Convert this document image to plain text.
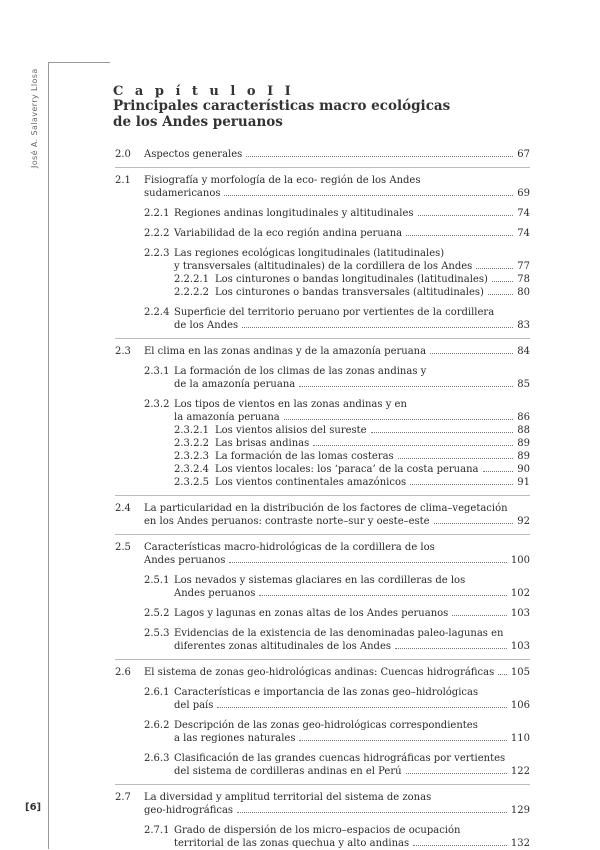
José A. Salaverry Llosa
[6]
C a p í t u l o I I
Principales características macro ecológicas
de los Andes peruanos
2.0 Aspectos generales	67
2.1 Fisiografía y morfología de la eco- región de los Andes
sudamericanos	69
2.2.1 Regiones andinas longitudinales y altitudinales	74
2.2.2 Variabilidad de la eco región andina peruana	74
2.2.3 Las regiones ecológicas longitudinales (latitudinales)
y transversales (altitudinales) de la cordillera de los Andes	77
2.2.2.1 Los cinturones o bandas longitudinales (latitudinales)	78
2.2.2.2 Los cinturones o bandas transversales (altitudinales)	80
2.2.4 Superficie del territorio peruano por vertientes de la cordillera
de los Andes	83
2.3 El clima en las zonas andinas y de la amazonía peruana	84
2.3.1 La formación de los climas de las zonas andinas y
de la amazonía peruana	85
2.3.2 Los tipos de vientos en las zonas andinas y en
la amazonía peruana	86
2.3.2.1 Los vientos alisios del sureste	88
2.3.2.2 Las brisas andinas	89
2.3.2.3 La formación de las lomas costeras	89
2.3.2.4 Los vientos locales: los ‘paraca’ de la costa peruana	90
2.3.2.5 Los vientos continentales amazónicos	91
2.4 La particularidad en la distribución de los factores de clima–vegetación
en los Andes peruanos: contraste norte–sur y oeste–este	92
2.5 Características macro-hidrológicas de la cordillera de los
Andes peruanos	100
2.5.1 Los nevados y sistemas glaciares en las cordilleras de los
Andes peruanos	102
2.5.2 Lagos y lagunas en zonas altas de los Andes peruanos	103
2.5.3 Evidencias de la existencia de las denominadas paleo-lagunas en
diferentes zonas altitudinales de los Andes	103
2.6 El sistema de zonas geo-hidrológicas andinas: Cuencas hidrográficas 105
2.6.1 Características e importancia de las zonas geo–hidrológicas
del país	106
2.6.2 Descripción de las zonas geo-hidrológicas correspondientes
a las regiones naturales	110
2.6.3 Clasificación de las grandes cuencas hidrográficas por vertientes
del sistema de cordilleras andinas en el Perú	122
2.7 La diversidad y amplitud territorial del sistema de zonas
geo-hidrográficas	129
2.7.1 Grado de dispersión de los micro–espacios de ocupación
territorial de las zonas quechua y alto andinas	132
